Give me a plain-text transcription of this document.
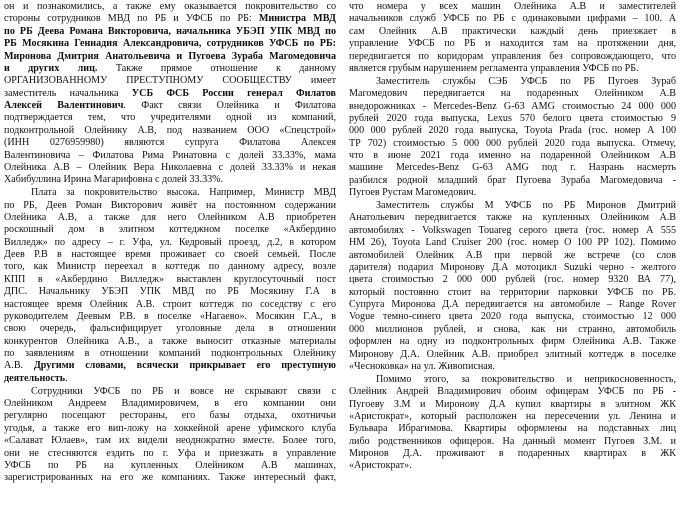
он и познакомились, а также ему оказывается покровительство со

стороны сотрудников МВД по РБ и УФСБ по РБ: Министра МВД

по РБ Деева Романа Викторовича, начальника УБЭП УПК МВД по

РБ Мосякина Геннадия Александровича, сотрудников УФСБ по РБ:

Миронова Дмитрия Анатольевича и Пугоева Зураба Магомедовича

и других лиц. Также прямое отношение к данному

ОРГАНИЗОВАННОМУ ПРЕСТУПНОМУ СООБЩЕСТВУ имеет

заместитель начальника УСБ ФСБ России генерал Филатов

Алексей Валентинович. Факт связи Олейника и Филатова

подтверждается тем, что учредителями одной из компаний,

подконтрольной Олейнику А.В, под названием ООО «Спецстрой»

(ИНН 0276959980) являются супруга Филатова Алексея

Валентиновича – Филатова Рима Ринатовна с долей 33.33%, мама

Олейника А.В – Олейник Вера Николаевна с долей 33.33% и некая

Хабибуллина Ирина Магарифовна с долей 33.33%.

Плата за покровительство высока. Например, Министр МВД

по РБ, Деев Роман Викторович живёт на постоянном содержании

Олейника А.В, а также для него Олейником А.В приобретен

роскошный дом в элитном коттеджном поселке «Акбердино

Вилледж» по адресу – г. Уфа, ул. Кедровый проезд, д.2, в котором

Деев Р.В в настоящее время проживает со своей семьей. После

того, как Министр переехал в коттедж по данному адресу, возле

КПП в «Акбердино Вилледж» выставлен круглосуточный пост

ДПС. Начальнику УБЭП УПК МВД по РБ Мосякину Г.А в

настоящее время Олейник А.В. строит коттедж по соседству с его

руководителем Деевым Р.В. в поселке «Нагаево». Мосякин Г.А., в

свою очередь, фальсифицирует уголовные дела в отношении

конкурентов Олейника А.В., а также выносит отказные материалы

по заявлениям в отношении компаний подконтрольных Олейнику

А.В. Другими словами, всячески прикрывает его преступную

деятельность.

Сотрудники УФСБ по РБ и вовсе не скрывают связи с

Олейником Андреем Владимировичем, в его компании они

регулярно посещают рестораны, его базы отдыха, охотничьи

угодья, а также его вип-ложу на хоккейной арене уфимского клуба

«Салават Юлаев», там их видели неоднократно вместе. Более того,

они не стесняются ездить по г. Уфа и приезжать в управление

УФСБ по РБ на купленных Олейником А.В машинах,

зарегистрированных на его же компаниях. Также интересный факт,

что номера у всех машин Олейника А.В и заместителей

начальников служб УФСБ по РБ с одинаковыми цифрами – 100. А

сам Олейник А.В практически каждый день приезжает в

управление УФСБ по РБ и находится там на протяжении дня,

передвигается по коридорам управления без сопровождающего, что

является грубым нарушением регламента управления УФСБ по РБ.

Заместитель службы СЭБ УФСБ по РБ Пугоев Зураб

Магомедович передвигается на подаренных Олейником А.В

внедорожниках - Mercedes-Benz G-63 AMG стоимостью 24 000 000

рублей 2020 года выпуска, Lexus 570 белого цвета стоимостью 9

000 000 рублей 2020 года выпуска, Toyota Prada (гос. номер А 100

ТР 702) стоимостью 5 000 000 рублей 2020 года выпуска. Отмечу,

что в июне 2021 года именно на подаренной Олейником А.В

машине Mercedes-Benz G-63 AMG под г. Назрань насмерть

разбился родной младший брат Пугоева Зураба Магомедовича -

Пугоев Рустам Магомедович.

Заместитель службы М УФСБ по РБ Миронов Дмитрий

Анатольевич передвигается также на купленных Олейником А.В

автомобилях - Volkswagen Touareg серого цвета (гос. номер А 555

НМ 26), Toyota Land Cruiser 200 (гос. номер О 100 РР 102). Помимо

автомобилей Олейник А.В при первой же встрече (со слов

дарителя) подарил Миронову Д.А мотоцикл Suzuki черно - желтого

цвета стоимостью 2 000 000 рублей (гос. номер 9320 ВА 77),

который постоянно стоит на территории парковки УФСБ по РБ.

Супруга Миронова Д.А передвигается на автомобиле – Range Rover

Vogue темно-синего цвета 2020 года выпуска, стоимостью 12 000

000 миллионов рублей, и снова, как ни странно, автомобиль

оформлен на одну из подконтрольных фирм Олейника А.В. Также

Миронову Д.А. Олейник А.В. приобрел элитный коттедж в поселке

«Чесноковка» на ул. Живописная.

Помимо этого, за покровительство и неприкосновенность,

Олейник Андрей Владимирович обоим офицерам УФСБ по РБ -

Пугоеву З.М и Миронову Д.А купил квартиры в элитном ЖК

«Аристократ», который расположен на пересечении ул. Ленина и

Бульвара Ибрагимова. Квартиры оформлены на подставных лиц

либо родственников офицеров. На данный момент Пугоев З.М. и

Миронов Д.А. проживают в подаренных квартирах в ЖК

«Аристократ».
